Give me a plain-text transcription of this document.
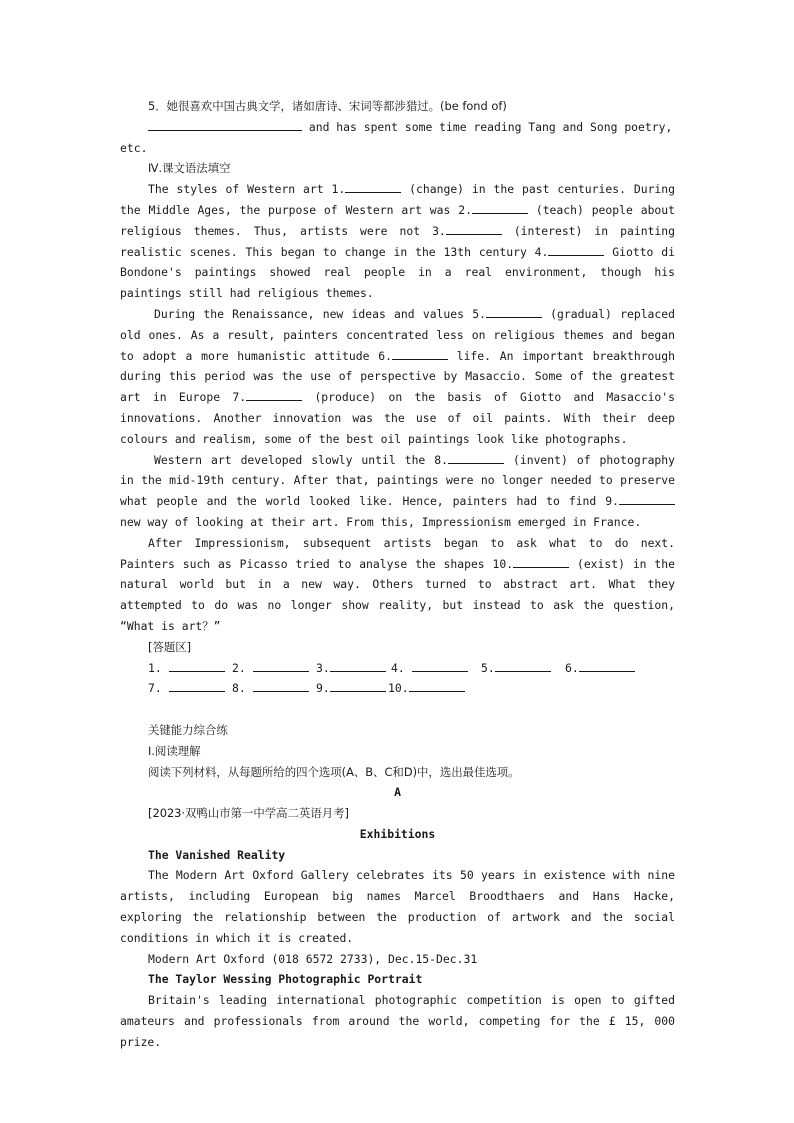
5．她很喜欢中国古典文学，诸如唐诗、宋词等都涉猎过。(be fond of)

and has spent some time reading Tang and Song poetry,

etc.

Ⅳ.课文语法填空

The styles of Western art 1.	(change) in the past centuries. During the Middle Ages, the purpose of Western art was 2.	(teach) people about religious themes. Thus, artists were not 3.	(interest) in painting realistic scenes. This began to change in the 13th century 4.	Giotto di Bondone's paintings showed real people in a real environment, though his paintings still had religious themes.

During the Renaissance, new ideas and values 5.	(gradual) replaced old ones. As a result, painters concentrated less on religious themes and began to adopt a more humanistic attitude 6.	life. An important breakthrough during this period was the use of perspective by Masaccio. Some of the greatest art in Europe 7.	(produce) on the basis of Giotto and Masaccio's innovations. Another innovation was the use of oil paints. With their deep colours and realism, some of the best oil paintings look like photographs.

Western art developed slowly until the 8.	(invent) of photography in the mid-19th century. After that, paintings were no longer needed to preserve what people and the world looked like. Hence, painters had to find 9. new way of looking at their art. From this, Impressionism emerged in France.

After Impressionism, subsequent artists began to ask what to do next. Painters such as Picasso tried to analyse the shapes 10.	(exist) in the natural world but in a new way. Others turned to abstract art. What they attempted to do was no longer show reality, but instead to ask the question, “What is art？”

[答题区]

1.	2.	3.	4.	5.	6.

7.	8.	9.	10.

关键能力综合练

Ⅰ.阅读理解

阅读下列材料，从每题所给的四个选项(A、B、C和D)中，选出最佳选项。

A

[2023·双鸭山市第一中学高二英语月考]

Exhibitions

The Vanished Reality

The Modern Art Oxford Gallery celebrates its 50 years in existence with nine artists, including European big names Marcel Broodthaers and Hans Hacke, exploring the relationship between the production of artwork and the social conditions in which it is created.

Modern Art Oxford (018 6572 2733), Dec.15-Dec.31

The Taylor Wessing Photographic Portrait

Britain's leading international photographic competition is open to gifted amateurs and professionals from around the world, competing for the £ 15, 000 prize.
